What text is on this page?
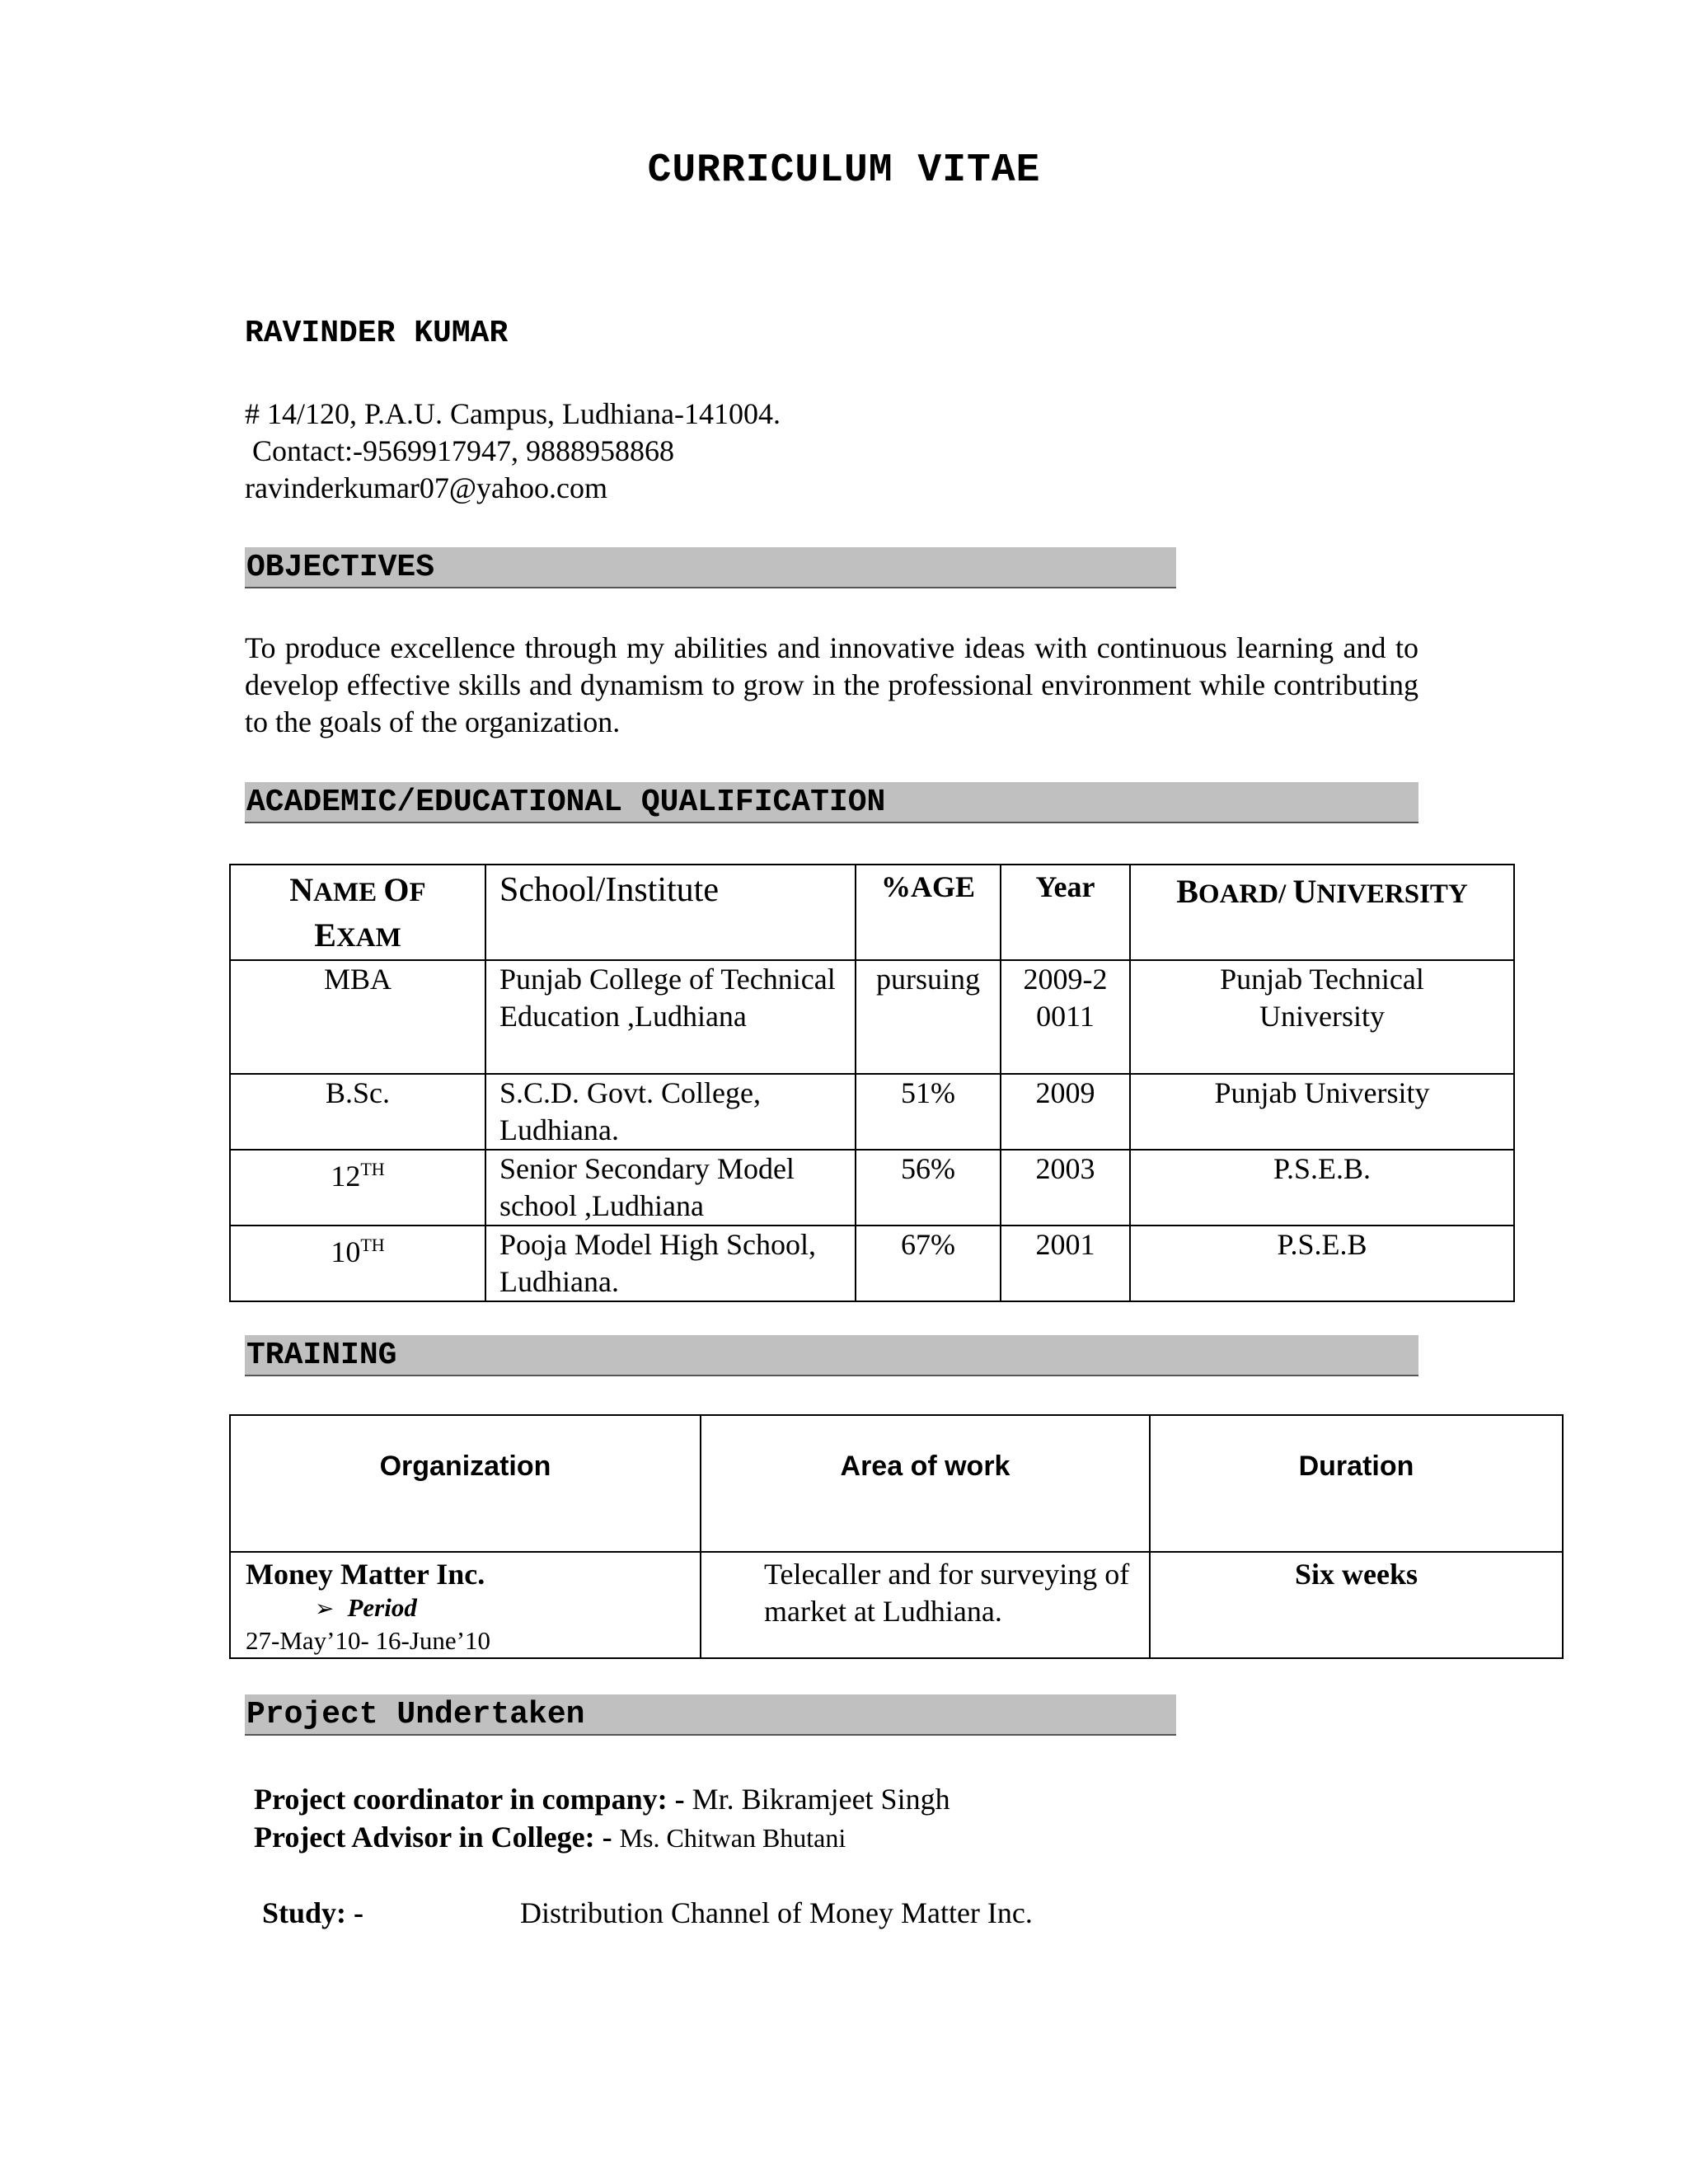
CURRICULUM VITAE
RAVINDER KUMAR
# 14/120, P.A.U. Campus, Ludhiana-141004.
Contact:-9569917947, 9888958868
ravinderkumar07@yahoo.com
OBJECTIVES
To produce excellence through my abilities and innovative ideas with continuous learning and to develop effective skills and dynamism to grow in the professional environment while contributing to the goals of the organization.
ACADEMIC/EDUCATIONAL QUALIFICATION
NAME OF
EXAM	School/Institute	%AGE	Year	BOARD/ UNIVERSITY
MBA	Punjab College of Technical Education ,Ludhiana	pursuing	2009-2 0011	Punjab Technical University
B.Sc.	S.C.D. Govt. College, Ludhiana.	51%	2009	Punjab University
12TH	Senior Secondary Model school ,Ludhiana	56%	2003	P.S.E.B.
10TH	Pooja Model High School, Ludhiana.	67%	2001	P.S.E.B
TRAINING
Organization	Area of work	Duration

Money Matter Inc.
➢ Period
27-May’10- 16-June’10	Telecaller and for surveying of market at Ludhiana.	Six weeks
Project Undertaken
Project coordinator in company: - Mr. Bikramjeet Singh
Project Advisor in College: - Ms. Chitwan Bhutani
Study: -	Distribution Channel of Money Matter Inc.
